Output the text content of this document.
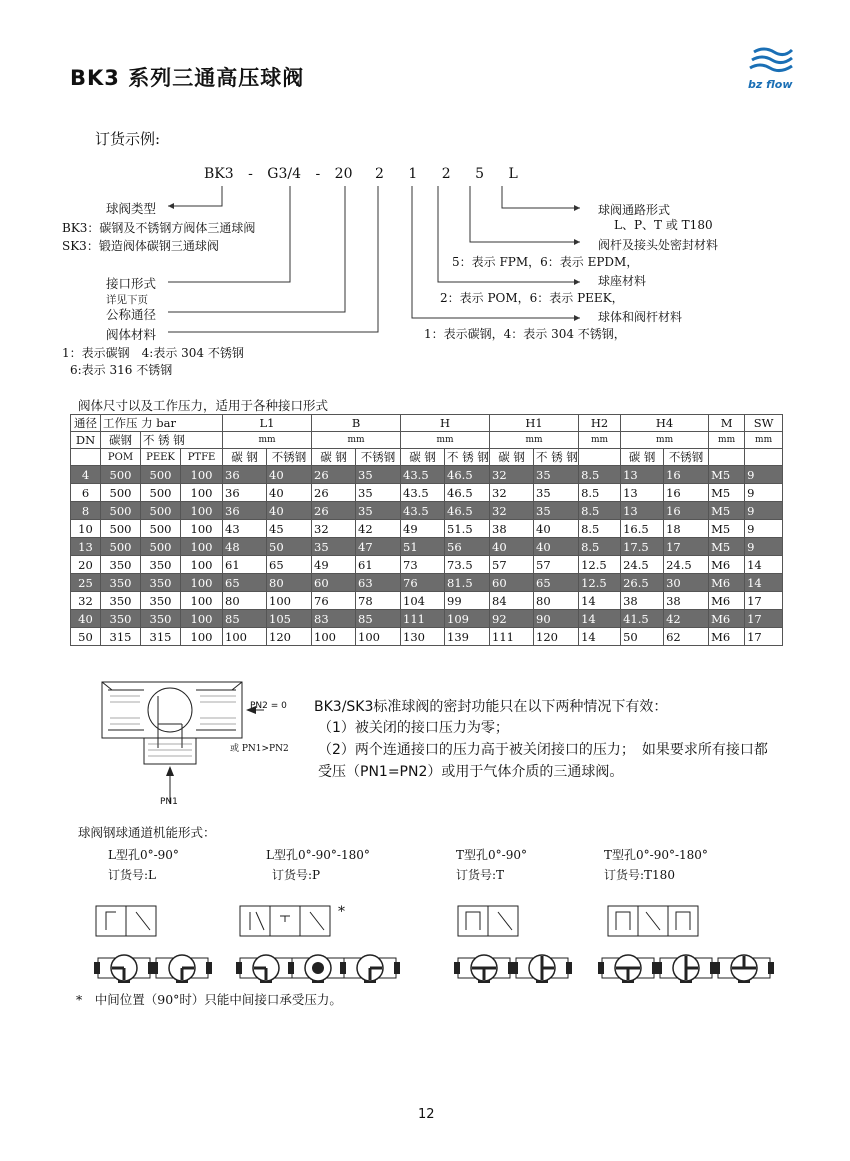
BK3 系列三通高压球阀	bz flow
订货示例:
BK3 - G3/4 - 20 2 1 2 5 L
球阀类型
BK3：碳钢及不锈钢方阀体三通球阀
SK3：锻造阀体碳钢三通球阀
接口形式
详见下页
公称通径
阀体材料
1：表示碳钢　4:表示 304 不锈钢
6:表示 316 不锈钢
球阀通路形式
L、P、T 或 T180
阀杆及接头处密封材料
5：表示 FPM，6：表示 EPDM，
球座材料
2：表示 POM，6：表示 PEEK，
球体和阀杆材料
1：表示碳钢，4：表示 304 不锈钢，
阀体尺寸以及工作压力，适用于各种接口形式
通径	工作压 力 bar			L1		B		H		H1		H2	H4		M	SW
DN	碳钢	不 锈 钢		mm		mm		mm		mm		mm	mm		mm	mm
	POM	PEEK	PTFE	碳 钢	不锈钢	碳 钢	不锈钢	碳 钢	不 锈 钢	碳 钢	不 锈 钢		碳 钢	不锈钢		
4	500	500	100	36	40	26	35	43.5	46.5	32	35	8.5	13	16	M5	9
6	500	500	100	36	40	26	35	43.5	46.5	32	35	8.5	13	16	M5	9
8	500	500	100	36	40	26	35	43.5	46.5	32	35	8.5	13	16	M5	9
10	500	500	100	43	45	32	42	49	51.5	38	40	8.5	16.5	18	M5	9
13	500	500	100	48	50	35	47	51	56	40	40	8.5	17.5	17	M5	9
20	350	350	100	61	65	49	61	73	73.5	57	57	12.5	24.5	24.5	M6	14
25	350	350	100	65	80	60	63	76	81.5	60	65	12.5	26.5	30	M6	14
32	350	350	100	80	100	76	78	104	99	84	80	14	38	38	M6	17
40	350	350	100	85	105	83	85	111	109	92	90	14	41.5	42	M6	17
50	315	315	100	100	120	100	100	130	139	111	120	14	50	62	M6	17
PN2 = 0
或 PN1>PN2
PN1
BK3/SK3标准球阀的密封功能只在以下两种情况下有效：
（1）被关闭的接口压力为零；
（2）两个连通接口的压力高于被关闭接口的压力；　如果要求所有接口都
受压（PN1=PN2）或用于气体介质的三通球阀。
球阀钢球通道机能形式：
L型孔0°-90°
订货号:L
L型孔0°-90°-180°
订货号:P
T型孔0°-90°
订货号:T
T型孔0°-90°-180°
订货号:T180
*
*　中间位置（90°时）只能中间接口承受压力。
12
